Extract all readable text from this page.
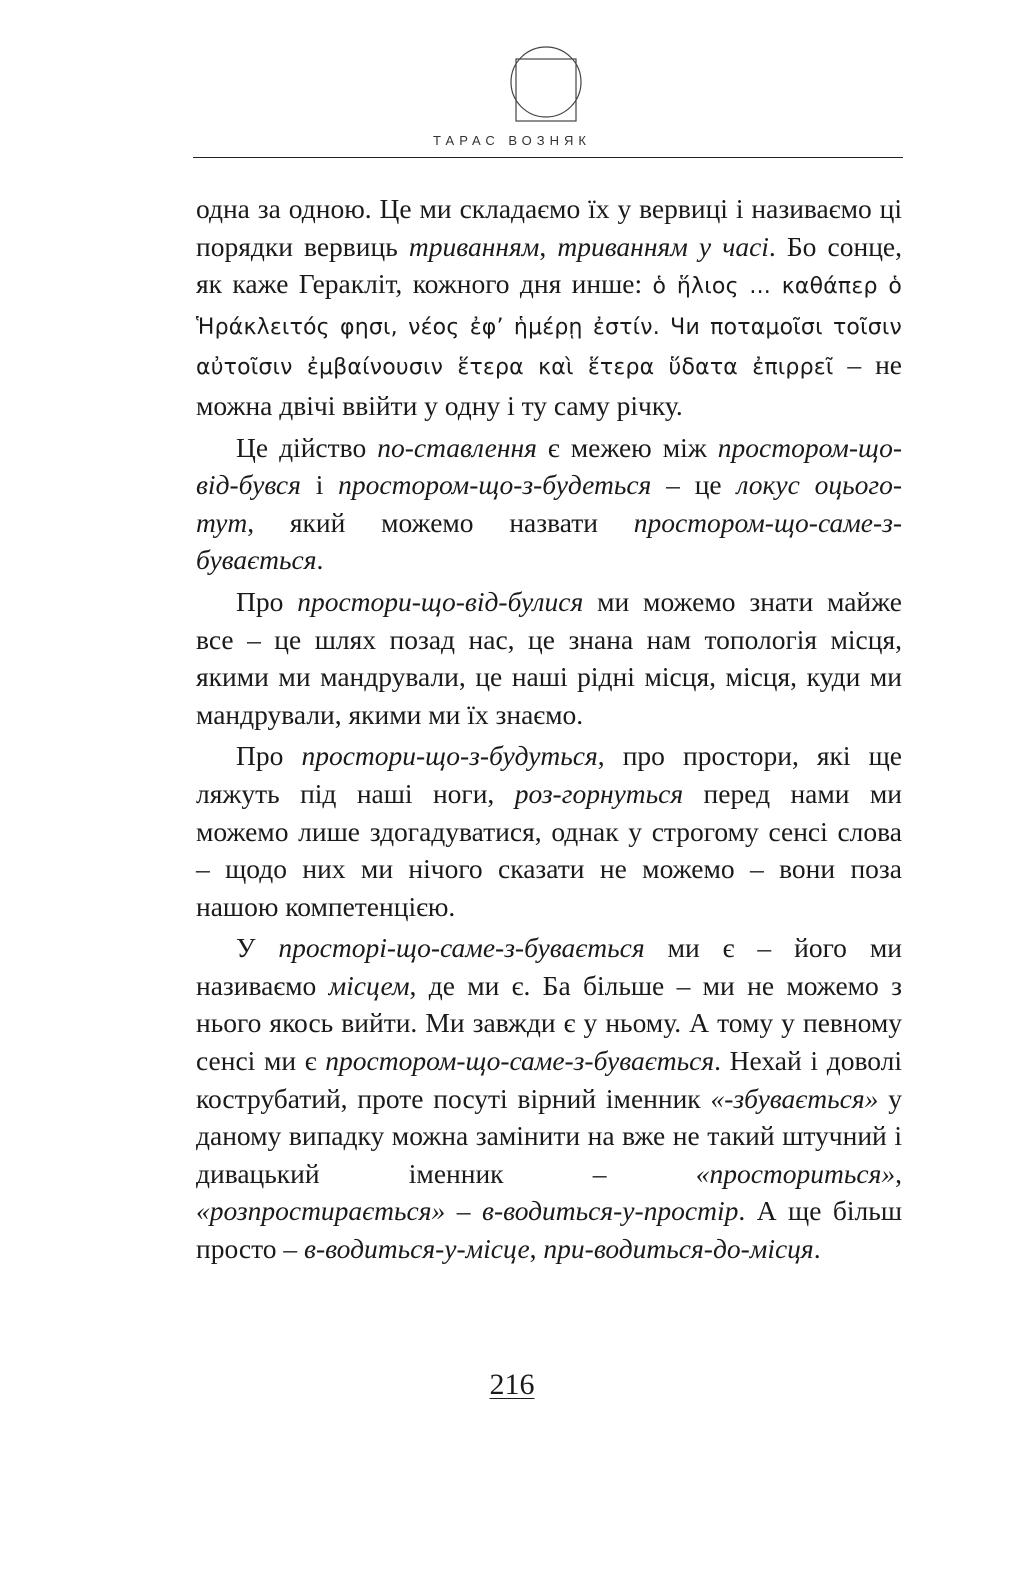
ТАРАС ВОЗНЯК

одна за одною. Це ми складаємо їх у вервиці і називаємо ці порядки вервиць триванням, триванням у часі. Бо сонце, як каже Геракліт, кожного дня инше: ὁ ἥλιος ... καθάπερ ὁ Ἡράκλειτός φησι, νέος ἐφ’ ἡμέρῃ ἐστίν. Чи ποταμοῖσι τοῖσιν αὐτοῖσιν ἐμβαίνουσιν ἕτερα καὶ ἕτερα ὕδατα ἐπιρρεῖ – не можна двічі ввійти у одну і ту саму річку.

Це дійство по-ставлення є межею між простором-що-від-бувся і простором-що-з-будеться – це локус оцього-тут, який можемо назвати простором-що-саме-з-бувається.

Про простори-що-від-булися ми можемо знати майже все – це шлях позад нас, це знана нам топологія місця, якими ми мандрували, це наші рідні місця, місця, куди ми мандрували, якими ми їх знаємо.

Про простори-що-з-будуться, про простори, які ще ляжуть під наші ноги, роз-горнуться перед нами ми можемо лише здогадуватися, однак у строгому сенсі слова – щодо них ми нічого сказати не можемо – вони поза нашою компетенцією.

У просторі-що-саме-з-бувається ми є – його ми називаємо місцем, де ми є. Ба більше – ми не можемо з нього якось вийти. Ми завжди є у ньому. А тому у певному сенсі ми є простором-що-саме-з-бувається. Нехай і доволі кострубатий, проте посуті вірний іменник «-збувається» у даному випадку можна замінити на вже не такий штучний і дивацький іменник – «просториться», «розпростирається» – в-водиться-у-простір. А ще більш просто – в-водиться-у-місце, при-водиться-до-місця.

216
